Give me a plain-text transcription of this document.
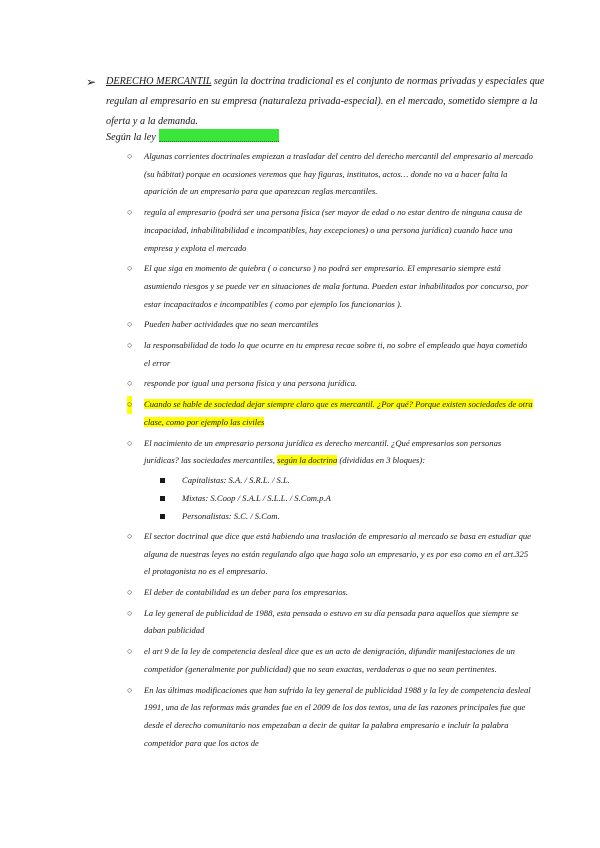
➢ DERECHO MERCANTIL según la doctrina tradicional es el conjunto de normas privadas y especiales que regulan al empresario en su empresa (naturaleza privada-especial). en el mercado, sometido siempre a la oferta y a la demanda.
Según la ley
○ Algunas corrientes doctrinales empiezan a trasladar del centro del derecho mercantil del empresario al mercado (su hábitat) porque en ocasiones veremos que hay figuras, institutos, actos… donde no va a hacer falta la aparición de un empresario para que aparezcan reglas mercantiles.
○ regula al empresario (podrá ser una persona física (ser mayor de edad o no estar dentro de ninguna causa de incapacidad, inhabilitabilidad e incompatibles, hay excepciones) o una persona jurídica) cuando hace una empresa y explota el mercado
○ El que siga en momento de quiebra ( o concurso ) no podrá ser empresario. El empresario siempre está asumiendo riesgos y se puede ver en situaciones de mala fortuna. Pueden estar inhabilitados por concurso, por estar incapacitados e incompatibles ( como por ejemplo los funcionarios ).
○ Pueden haber actividades que no sean mercantiles
○ la responsabilidad de todo lo que ocurre en tu empresa recae sobre ti, no sobre el empleado que haya cometido el error
○ responde por igual una persona física y una persona jurídica.
○ Cuando se hable de sociedad dejar siempre claro que es mercantil. ¿Por qué? Porque existen sociedades de otra clase, como por ejemplo las civiles
○ El nacimiento de un empresario persona jurídica es derecho mercantil. ¿Qué empresarios son personas jurídicas? las sociedades mercantiles, según la doctrina (divididas en 3 bloques):
Capitalistas: S.A. / S.R.L. / S.L.
Mixtas: S.Coop / S.A.L / S.L.L. / S.Com.p.A
Personalistas: S.C. / S.Com.
○ El sector doctrinal que dice que está habiendo una traslación de empresario al mercado se basa en estudiar que alguna de nuestras leyes no están regulando algo que haga solo un empresario, y es por eso como en el art.325 el protagonista no es el empresario.
○ El deber de contabilidad es un deber para los empresarios.
○ La ley general de publicidad de 1988, esta pensada o estuvo en su día pensada para aquellos que siempre se daban publicidad
○ el art 9 de la ley de competencia desleal dice que es un acto de denigración, difundir manifestaciones de un competidor (generalmente por publicidad) que no sean exactas, verdaderas o que no sean pertinentes.
○ En las últimas modificaciones que han sufrido la ley general de publicidad 1988 y la ley de competencia desleal 1991, una de las reformas más grandes fue en el 2009 de los dos textos, una de las razones principales fue que desde el derecho comunitario nos empezaban a decir de quitar la palabra empresario e incluir la palabra competidor para que los actos de
